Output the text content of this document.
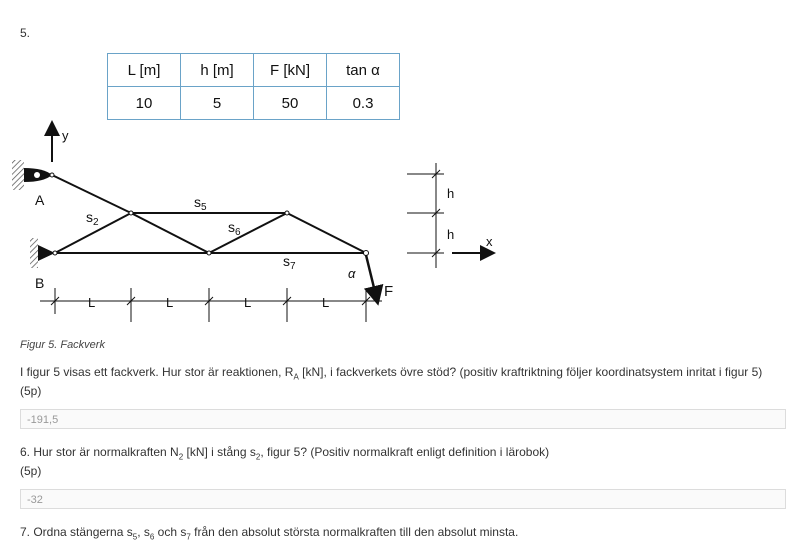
5.
L [m]	h [m]	F [kN]	tan α
10	5	50	0.3
y
A
B
$s_2$
$s_5$
$s_6$
$s_7$	α
F
L	L	L	L
h
h x
Figur 5. Fackverk
I figur 5 visas ett fackverk. Hur stor är reaktionen, $R_A$ [kN], i fackverkets övre stöd? (positiv kraftriktning följer koordinatsystem inritat i figur 5)
(5p)
-191,5
6. Hur stor är normalkraften $N_2$ [kN] i stång $s_2$, figur 5? (Positiv normalkraft enligt definition i lärobok)
(5p)
-32
7. Ordna stängerna $s_5$, $s_6$ och $s_7$ från den absolut största normalkraften till den absolut minsta.
